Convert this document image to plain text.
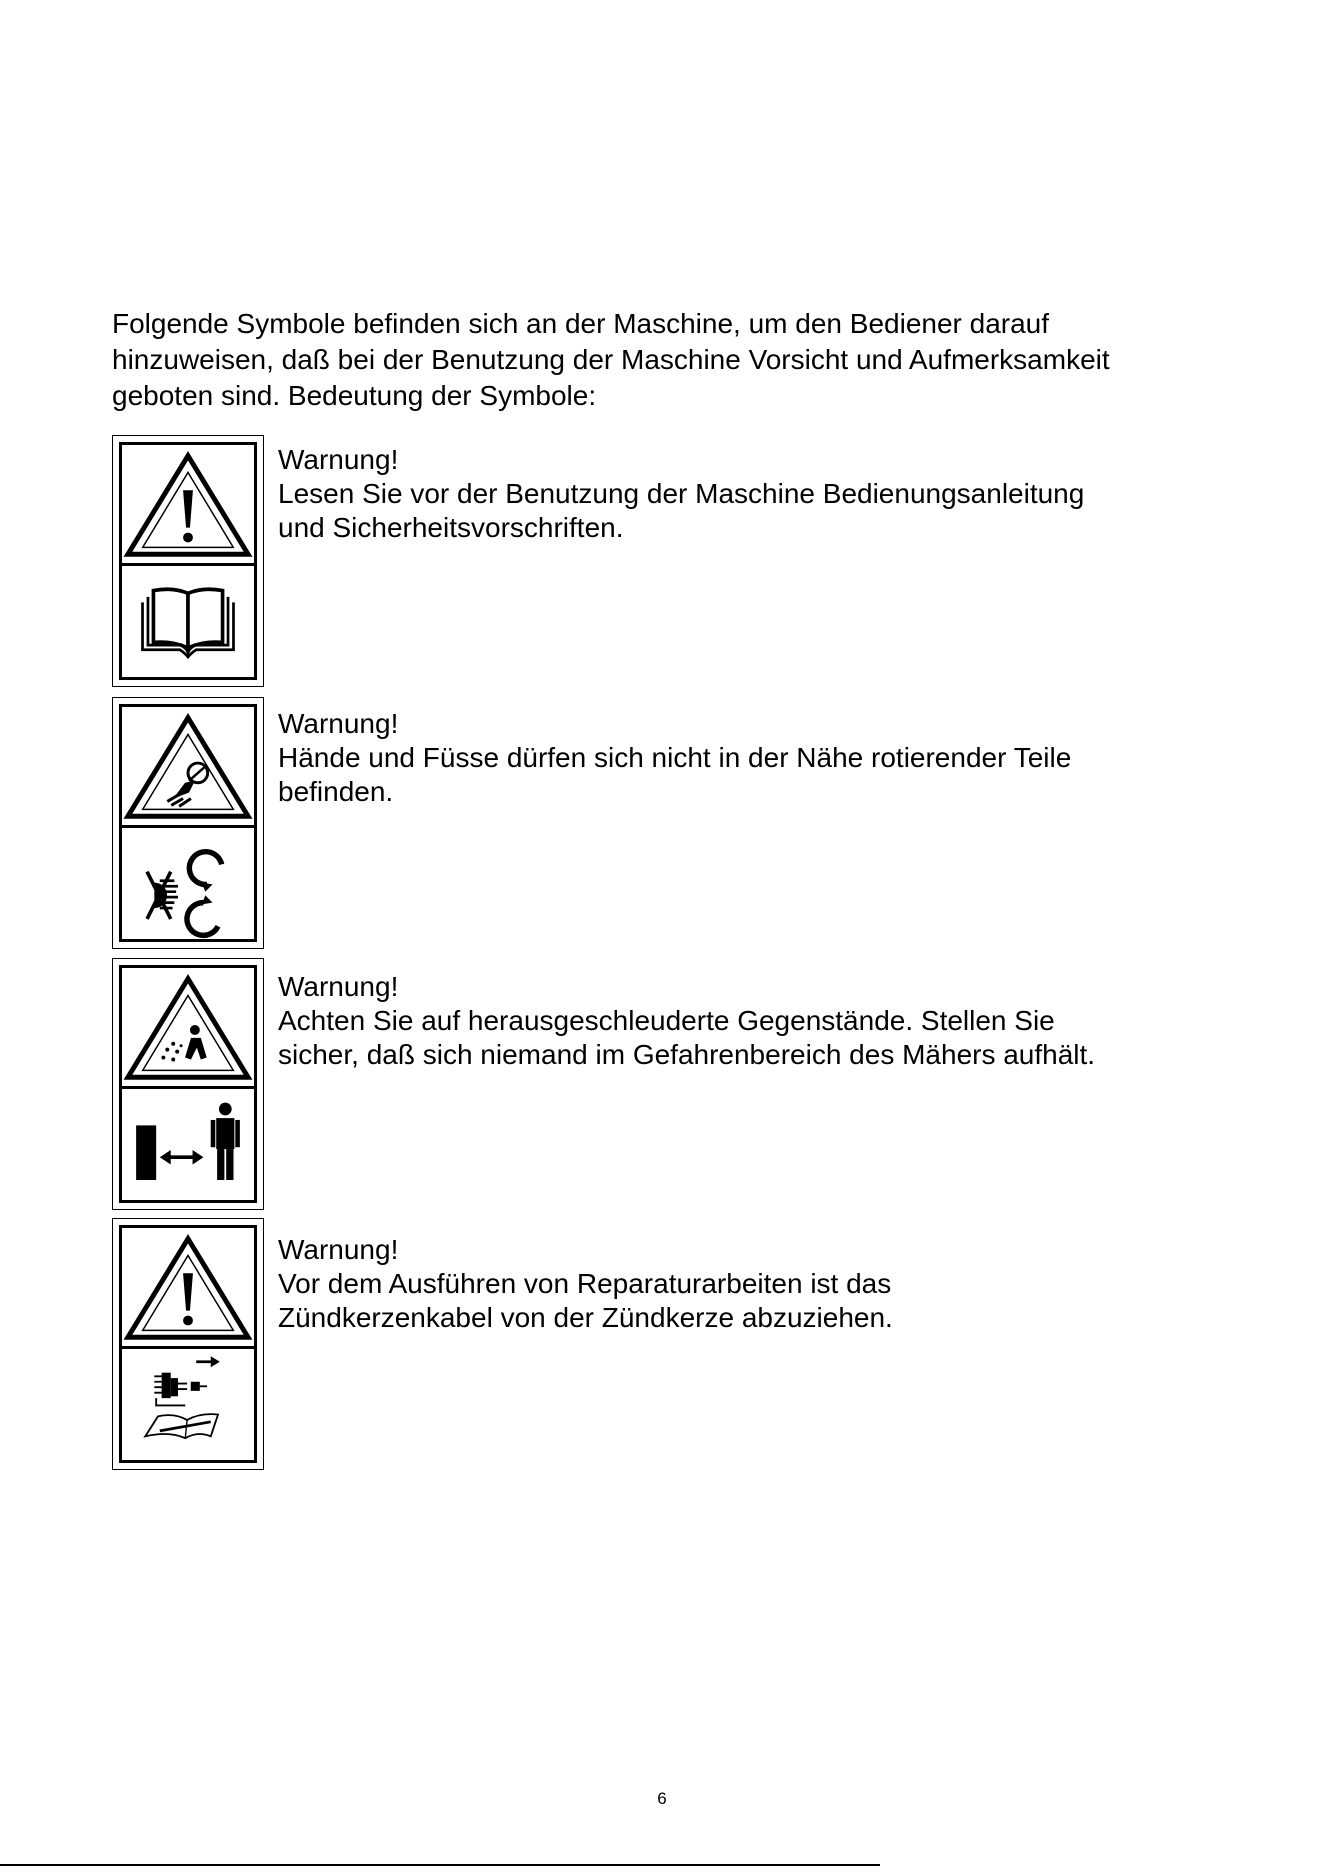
Folgende Symbole befinden sich an der Maschine, um den Bediener darauf
hinzuweisen, daß bei der Benutzung der Maschine Vorsicht und Aufmerksamkeit
geboten sind. Bedeutung der Symbole:
Warnung!
Lesen Sie vor der Benutzung der Maschine Bedienungsanleitung
und Sicherheitsvorschriften.
Warnung!
Hände und Füsse dürfen sich nicht in der Nähe rotierender Teile
befinden.
Warnung!
Achten Sie auf herausgeschleuderte Gegenstände. Stellen Sie
sicher, daß sich niemand im Gefahrenbereich des Mähers aufhält.
Warnung!
Vor dem Ausführen von Reparaturarbeiten ist das
Zündkerzenkabel von der Zündkerze abzuziehen.
6
